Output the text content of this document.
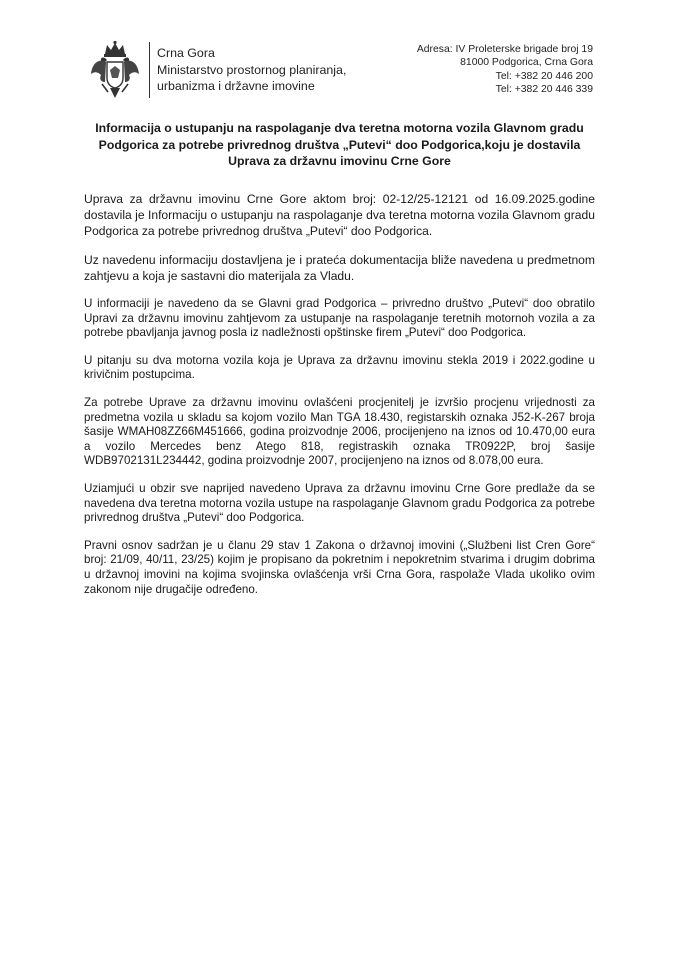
Crna Gora
Ministarstvo prostornog planiranja,
urbanizma i državne imovine
Adresa: IV Proleterske brigade broj 19
81000 Podgorica, Crna Gora
Tel: +382 20 446 200
Tel: +382 20 446 339
Informacija o ustupanju na raspolaganje dva teretna motorna vozila Glavnom gradu
Podgorica za potrebe privrednog društva „Putevi“ doo Podgorica,koju je dostavila
Uprava za državnu imovinu Crne Gore

Uprava za državnu imovinu Crne Gore aktom broj: 02-12/25-12121 od 16.09.2025.godine dostavila je Informaciju o ustupanju na raspolaganje dva teretna motorna vozila Glavnom gradu Podgorica za potrebe privrednog društva „Putevi“ doo Podgorica.

Uz navedenu informaciju dostavljena je i prateća dokumentacija bliže navedena u predmetnom zahtjevu a koja je sastavni dio materijala za Vladu.

U informaciji je navedeno da se Glavni grad Podgorica – privredno društvo „Putevi“ doo obratilo Upravi za državnu imovinu zahtjevom za ustupanje na raspolaganje teretnih motornoh vozila a za potrebe pbavljanja javnog posla iz nadležnosti opštinske firem „Putevi“ doo Podgorica.

U pitanju su dva motorna vozila koja je Uprava za državnu imovinu stekla 2019 i 2022.godine u krivičnim postupcima.

Za potrebe Uprave za državnu imovinu ovlašćeni procjenitelj je izvršio procjenu vrijednosti za predmetna vozila u skladu sa kojom vozilo Man TGA 18.430, registarskih oznaka J52-K-267 broja šasije WMAH08ZZ66M451666, godina proizvodnje 2006, procijenjeno na iznos od 10.470,00 eura a vozilo Mercedes benz Atego 818, registraskih oznaka TR0922P, broj šasije WDB9702131L234442, godina proizvodnje 2007, procijenjeno na iznos od 8.078,00 eura.

Uziamjući u obzir sve naprijed navedeno Uprava za državnu imovinu Crne Gore predlaže da se navedena dva teretna motorna vozila ustupe na raspolaganje Glavnom gradu Podgorica za potrebe privrednog društva „Putevi“ doo Podgorica.

Pravni osnov sadržan je u članu 29 stav 1 Zakona o državnoj imovini („Službeni list Cren Gore“ broj: 21/09, 40/11, 23/25) kojim je propisano da pokretnim i nepokretnim stvarima i drugim dobrima u državnoj imovini na kojima svojinska ovlašćenja vrši Crna Gora, raspolaže Vlada ukoliko ovim zakonom nije drugačije određeno.
